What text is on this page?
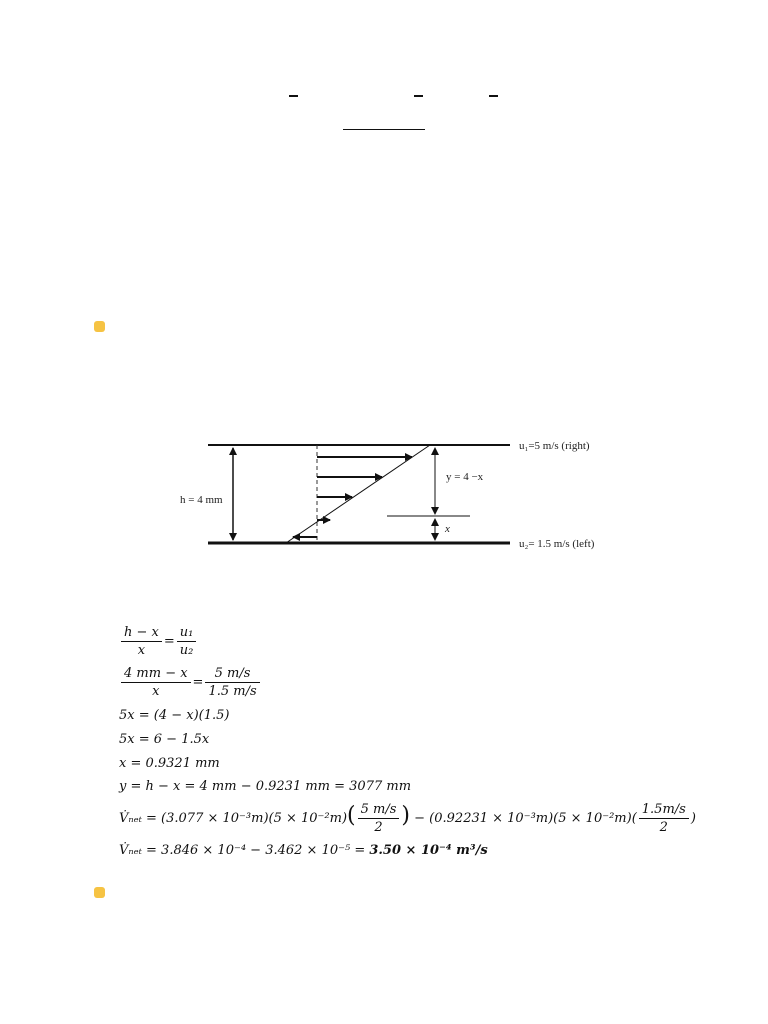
h = 4 mm
y = 4 −x
x
u₁=5 m/s (right)
u₂= 1.5 m/s (left)
$\frac{h - x}{x} = \frac{\text{u₁}}{\text{u₂}}$
$\frac{4 mm - x}{x} = \frac{5 m/s}{1.5 m/s}$
5x = (4 − x)(1.5)
5x = 6 − 1.5x
x = 0.9321 mm
y = h − x = 4 mm − 0.9231 mm = 3077 mm
V̇ₙₑₜ = $(3.077 \times 10^{-3}m)(5 \times 10^{-2}m)( \frac{5 m/s}{2}$ ) − $(0.92231 \times 10^{-3}m)(5 \times 10^{-2}m)( \frac{1.5m/s}{2}$ )
V̇ₙₑₜ = 3.846 × 10⁻⁴ − 3.462 × 10⁻⁵ = 3.50 × 10⁻⁴ m³/s
